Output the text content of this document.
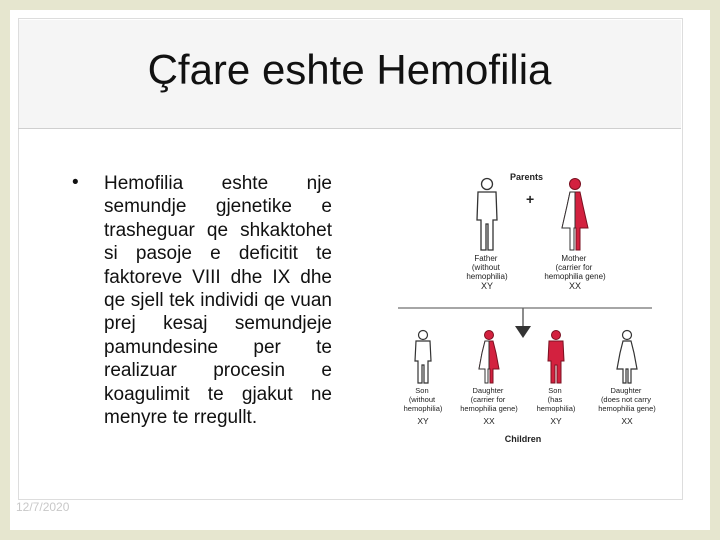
Çfare eshte Hemofilia
• Hemofilia eshte nje semundje gjenetike e trasheguar qe shkaktohet si pasoje e deficitit te faktoreve VIII dhe IX dhe qe sjell tek individi qe vuan prej kesaj semundjeje pamundesine per te realizuar procesin e koagulimit te gjakut ne menyre te rregullt.
12/7/2020
Parents
+
Father (without hemophilia)
XY
Mother (carrier for hemophilia gene)
XX
Son (without hemophilia)
XY
Daughter (carrier for hemophilia gene)
XX
Son (has hemophilia)
XY
Daughter (does not carry hemophilia gene)
XX
Children
